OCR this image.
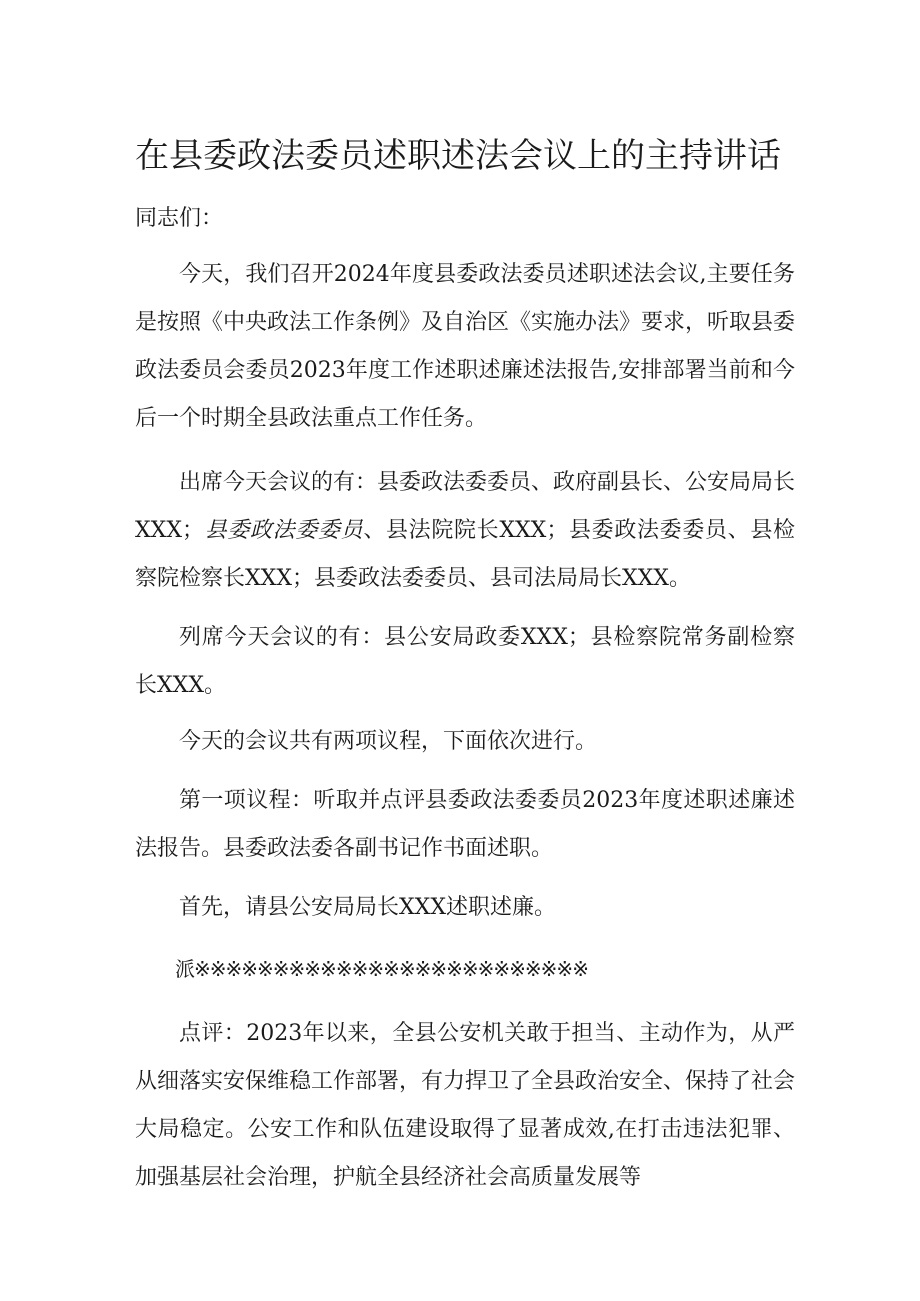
在县委政法委员述职述法会议上的主持讲话

同志们：

今天，我们召开2024年度县委政法委员述职述法会议,主要任务是按照《中央政法工作条例》及自治区《实施办法》要求，听取县委政法委员会委员2023年度工作述职述廉述法报告,安排部署当前和今后一个时期全县政法重点工作任务。

出席今天会议的有：县委政法委委员、政府副县长、公安局局长XXX；县委政法委委员、县法院院长XXX；县委政法委委员、县检察院检察长XXX；县委政法委委员、县司法局局长XXX。

列席今天会议的有：县公安局政委XXX；县检察院常务副检察长XXX。

今天的会议共有两项议程，下面依次进行。

第一项议程：听取并点评县委政法委委员2023年度述职述廉述法报告。县委政法委各副书记作书面述职。

首先，请县公安局局长XXX述职述廉。

派※※※※※※※※※※※※※※※※※※※※※※※※※

点评：2023年以来，全县公安机关敢于担当、主动作为，从严从细落实安保维稳工作部署，有力捍卫了全县政治安全、保持了社会大局稳定。公安工作和队伍建设取得了显著成效,在打击违法犯罪、加强基层社会治理，护航全县经济社会高质量发展等
